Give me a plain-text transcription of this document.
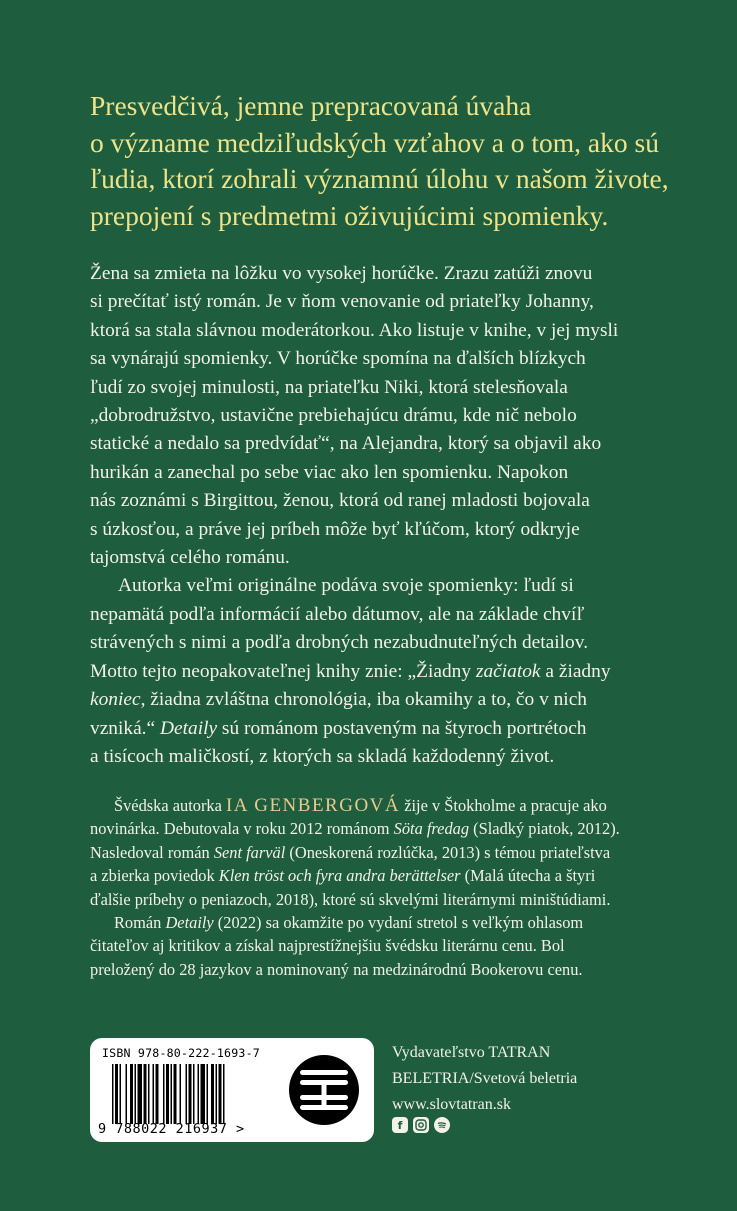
Presvedčivá, jemne prepracovaná úvaha
o význame medziľudských vzťahov a o tom, ako sú
ľudia, ktorí zohrali významnú úlohu v našom živote,
prepojení s predmetmi oživujúcimi spomienky.
Žena sa zmieta na lôžku vo vysokej horúčke. Zrazu zatúži znovu
si prečítať istý román. Je v ňom venovanie od priateľky Johanny,
ktorá sa stala slávnou moderátorkou. Ako listuje v knihe, v jej mysli
sa vynárajú spomienky. V horúčke spomína na ďalších blízkych
ľudí zo svojej minulosti, na priateľku Niki, ktorá stelesňovala
„dobrodružstvo, ustavične prebiehajúcu drámu, kde nič nebolo
statické a nedalo sa predvídať“, na Alejandra, ktorý sa objavil ako
hurikán a zanechal po sebe viac ako len spomienku. Napokon
nás zoznámi s Birgittou, ženou, ktorá od ranej mladosti bojovala
s úzkosťou, a práve jej príbeh môže byť kľúčom, ktorý odkryje
tajomstvá celého románu.
Autorka veľmi originálne podáva svoje spomienky: ľudí si
nepamätá podľa informácií alebo dátumov, ale na základe chvíľ
strávených s nimi a podľa drobných nezabudnuteľných detailov.
Motto tejto neopakovateľnej knihy znie: „Žiadny začiatok a žiadny
koniec, žiadna zvláštna chronológia, iba okamihy a to, čo v nich
vzniká.“ Detaily sú románom postaveným na štyroch portrétoch
a tisícoch maličkostí, z ktorých sa skladá každodenný život.
Švédska autorka IA GENBERGOVÁ žije v Štokholme a pracuje ako
novinárka. Debutovala v roku 2012 románom Söta fredag (Sladký piatok, 2012).
Nasledoval román Sent farväl (Oneskorená rozlúčka, 2013) s témou priateľstva
a zbierka poviedok Klen tröst och fyra andra berättelser (Malá útecha a štyri
ďalšie príbehy o peniazoch, 2018), ktoré sú skvelými literárnymi miništúdiami.
Román Detaily (2022) sa okamžite po vydaní stretol s veľkým ohlasom
čitateľov aj kritikov a získal najprestížnejšiu švédsku literárnu cenu. Bol
preložený do 28 jazykov a nominovaný na medzinárodnú Bookerovu cenu.
ISBN 978-80-222-1693-7
9 788022 216937 >
Vydavateľstvo TATRAN
BELETRIA/Svetová beletria
www.slovtatran.sk
f
